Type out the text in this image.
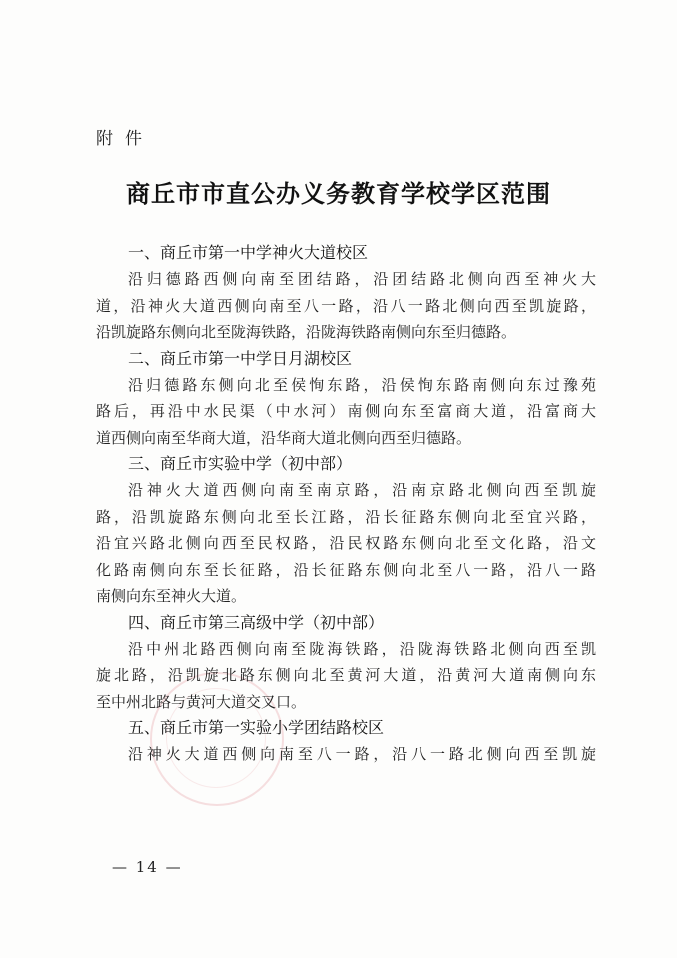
附件
商丘市市直公办义务教育学校学区范围
一、商丘市第一中学神火大道校区
沿归德路西侧向南至团结路，沿团结路北侧向西至神火大
道，沿神火大道西侧向南至八一路，沿八一路北侧向西至凯旋路，
沿凯旋路东侧向北至陇海铁路，沿陇海铁路南侧向东至归德路。
二、商丘市第一中学日月湖校区
沿归德路东侧向北至侯恂东路，沿侯恂东路南侧向东过豫苑
路后，再沿中水民渠（中水河）南侧向东至富商大道，沿富商大
道西侧向南至华商大道，沿华商大道北侧向西至归德路。
三、商丘市实验中学（初中部）
沿神火大道西侧向南至南京路，沿南京路北侧向西至凯旋
路，沿凯旋路东侧向北至长江路，沿长征路东侧向北至宜兴路，
沿宜兴路北侧向西至民权路，沿民权路东侧向北至文化路，沿文
化路南侧向东至长征路，沿长征路东侧向北至八一路，沿八一路
南侧向东至神火大道。
四、商丘市第三高级中学（初中部）
沿中州北路西侧向南至陇海铁路，沿陇海铁路北侧向西至凯
旋北路，沿凯旋北路东侧向北至黄河大道，沿黄河大道南侧向东
至中州北路与黄河大道交叉口。
五、商丘市第一实验小学团结路校区
沿神火大道西侧向南至八一路，沿八一路北侧向西至凯旋
— 14 —
